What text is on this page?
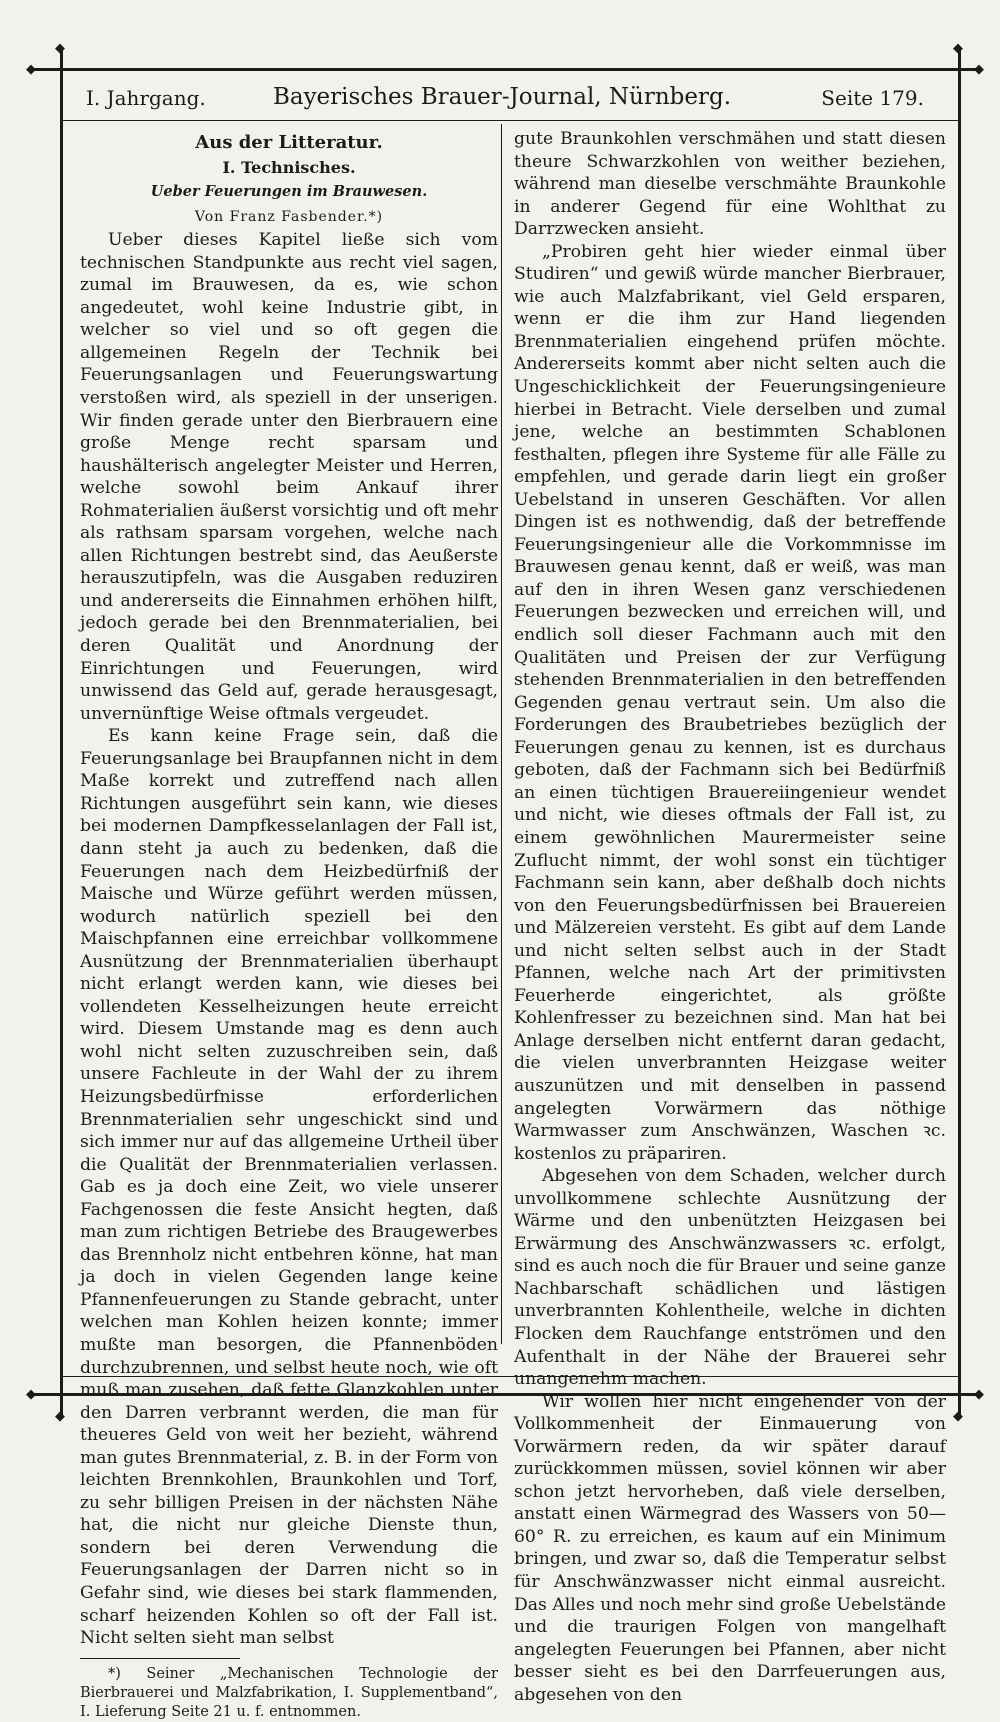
◆
◆
◆
◆
◆
◆
◆
◆
I. Jahrgang.	Bayerisches Brauer-Journal, Nürnberg.	Seite 179.
Aus der Litteratur.
I. Technisches.
Ueber Feuerungen im Brauwesen.
Von Franz Fasbender.*)

Ueber dieses Kapitel ließe sich vom technischen Standpunkte aus recht viel sagen, zumal im Brauwesen, da es, wie schon angedeutet, wohl keine Industrie gibt, in welcher so viel und so oft gegen die allgemeinen Regeln der Technik bei Feuerungsanlagen und Feuerungswartung verstoßen wird, als speziell in der unserigen. Wir finden gerade unter den Bierbrauern eine große Menge recht sparsam und haushälterisch angelegter Meister und Herren, welche sowohl beim Ankauf ihrer Rohmaterialien äußerst vorsichtig und oft mehr als rathsam sparsam vorgehen, welche nach allen Richtungen bestrebt sind, das Aeußerste herauszutipfeln, was die Ausgaben reduziren und andererseits die Einnahmen erhöhen hilft, jedoch gerade bei den Brennmaterialien, bei deren Qualität und Anordnung der Einrichtungen und Feuerungen, wird unwissend das Geld auf, gerade herausgesagt, unvernünftige Weise oftmals vergeudet.

Es kann keine Frage sein, daß die Feuerungsanlage bei Braupfannen nicht in dem Maße korrekt und zutreffend nach allen Richtungen ausgeführt sein kann, wie dieses bei modernen Dampfkesselanlagen der Fall ist, dann steht ja auch zu bedenken, daß die Feuerungen nach dem Heizbedürfniß der Maische und Würze geführt werden müssen, wodurch natürlich speziell bei den Maischpfannen eine erreichbar vollkommene Ausnützung der Brennmaterialien überhaupt nicht erlangt werden kann, wie dieses bei vollendeten Kesselheizungen heute erreicht wird. Diesem Umstande mag es denn auch wohl nicht selten zuzuschreiben sein, daß unsere Fachleute in der Wahl der zu ihrem Heizungsbedürfnisse erforderlichen Brennmaterialien sehr ungeschickt sind und sich immer nur auf das allgemeine Urtheil über die Qualität der Brennmaterialien verlassen. Gab es ja doch eine Zeit, wo viele unserer Fachgenossen die feste Ansicht hegten, daß man zum richtigen Betriebe des Braugewerbes das Brennholz nicht entbehren könne, hat man ja doch in vielen Gegenden lange keine Pfannenfeuerungen zu Stande gebracht, unter welchen man Kohlen heizen konnte; immer mußte man besorgen, die Pfannenböden durchzubrennen, und selbst heute noch, wie oft muß man zusehen, daß fette Glanzkohlen unter den Darren verbrannt werden, die man für theueres Geld von weit her bezieht, während man gutes Brennmaterial, z. B. in der Form von leichten Brennkohlen, Braunkohlen und Torf, zu sehr billigen Preisen in der nächsten Nähe hat, die nicht nur gleiche Dienste thun, sondern bei deren Verwendung die Feuerungsanlagen der Darren nicht so in Gefahr sind, wie dieses bei stark flammenden, scharf heizenden Kohlen so oft der Fall ist. Nicht selten sieht man selbst

*) Seiner „Mechanischen Technologie der Bierbrauerei und Malzfabrikation, I. Supplementband“, I. Lieferung Seite 21 u. f. entnommen.

gute Braunkohlen verschmähen und statt diesen theure Schwarzkohlen von weither beziehen, während man dieselbe verschmähte Braunkohle in anderer Gegend für eine Wohlthat zu Darrzwecken ansieht.

„Probiren geht hier wieder einmal über Studiren“ und gewiß würde mancher Bierbrauer, wie auch Malzfabrikant, viel Geld ersparen, wenn er die ihm zur Hand liegenden Brennmaterialien eingehend prüfen möchte. Andererseits kommt aber nicht selten auch die Ungeschicklichkeit der Feuerungsingenieure hierbei in Betracht. Viele derselben und zumal jene, welche an bestimmten Schablonen festhalten, pflegen ihre Systeme für alle Fälle zu empfehlen, und gerade darin liegt ein großer Uebelstand in unseren Geschäften. Vor allen Dingen ist es nothwendig, daß der betreffende Feuerungsingenieur alle die Vorkommnisse im Brauwesen genau kennt, daß er weiß, was man auf den in ihren Wesen ganz verschiedenen Feuerungen bezwecken und erreichen will, und endlich soll dieser Fachmann auch mit den Qualitäten und Preisen der zur Verfügung stehenden Brennmaterialien in den betreffenden Gegenden genau vertraut sein. Um also die Forderungen des Braubetriebes bezüglich der Feuerungen genau zu kennen, ist es durchaus geboten, daß der Fachmann sich bei Bedürfniß an einen tüchtigen Brauereiingenieur wendet und nicht, wie dieses oftmals der Fall ist, zu einem gewöhnlichen Maurermeister seine Zuflucht nimmt, der wohl sonst ein tüchtiger Fachmann sein kann, aber deßhalb doch nichts von den Feuerungsbedürfnissen bei Brauereien und Mälzereien versteht. Es gibt auf dem Lande und nicht selten selbst auch in der Stadt Pfannen, welche nach Art der primitivsten Feuerherde eingerichtet, als größte Kohlenfresser zu bezeichnen sind. Man hat bei Anlage derselben nicht entfernt daran gedacht, die vielen unverbrannten Heizgase weiter auszunützen und mit denselben in passend angelegten Vorwärmern das nöthige Warmwasser zum Anschwänzen, Waschen ꝛc. kostenlos zu präpariren.

Abgesehen von dem Schaden, welcher durch unvollkommene schlechte Ausnützung der Wärme und den unbenützten Heizgasen bei Erwärmung des Anschwänzwassers ꝛc. erfolgt, sind es auch noch die für Brauer und seine ganze Nachbarschaft schädlichen und lästigen unverbrannten Kohlentheile, welche in dichten Flocken dem Rauchfange entströmen und den Aufenthalt in der Nähe der Brauerei sehr unangenehm machen.

Wir wollen hier nicht eingehender von der Vollkommenheit der Einmauerung von Vorwärmern reden, da wir später darauf zurückkommen müssen, soviel können wir aber schon jetzt hervorheben, daß viele derselben, anstatt einen Wärmegrad des Wassers von 50—60° R. zu erreichen, es kaum auf ein Minimum bringen, und zwar so, daß die Temperatur selbst für Anschwänzwasser nicht einmal ausreicht. Das Alles und noch mehr sind große Uebelstände und die traurigen Folgen von mangelhaft angelegten Feuerungen bei Pfannen, aber nicht besser sieht es bei den Darrfeuerungen aus, abgesehen von den
